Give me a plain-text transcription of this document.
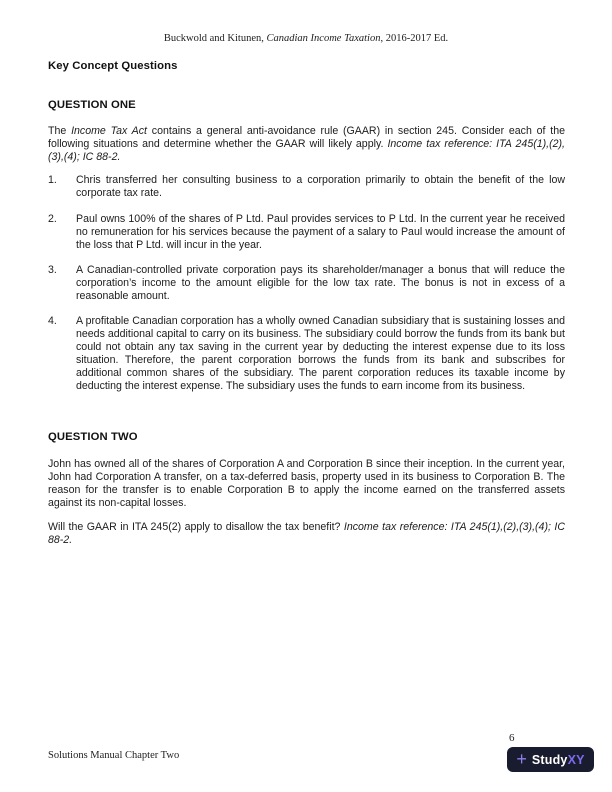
Buckwold and Kitunen, Canadian Income Taxation, 2016-2017 Ed.
Key Concept Questions
QUESTION ONE
The Income Tax Act contains a general anti-avoidance rule (GAAR) in section 245. Consider each of the following situations and determine whether the GAAR will likely apply. Income tax reference: ITA 245(1),(2),(3),(4); IC 88-2.
1.	Chris transferred her consulting business to a corporation primarily to obtain the benefit of the low corporate tax rate.
2.	Paul owns 100% of the shares of P Ltd. Paul provides services to P Ltd. In the current year he received no remuneration for his services because the payment of a salary to Paul would increase the amount of the loss that P Ltd. will incur in the year.
3.	A Canadian-controlled private corporation pays its shareholder/manager a bonus that will reduce the corporation’s income to the amount eligible for the low tax rate. The bonus is not in excess of a reasonable amount.
4.	A profitable Canadian corporation has a wholly owned Canadian subsidiary that is sustaining losses and needs additional capital to carry on its business. The subsidiary could borrow the funds from its bank but could not obtain any tax saving in the current year by deducting the interest expense due to its loss situation. Therefore, the parent corporation borrows the funds from its bank and subscribes for additional common shares of the subsidiary. The parent corporation reduces its taxable income by deducting the interest expense. The subsidiary uses the funds to earn income from its business.
QUESTION TWO
John has owned all of the shares of Corporation A and Corporation B since their inception. In the current year, John had Corporation A transfer, on a tax-deferred basis, property used in its business to Corporation B. The reason for the transfer is to enable Corporation B to apply the income earned on the transferred assets against its non-capital losses.
Will the GAAR in ITA 245(2) apply to disallow the tax benefit? Income tax reference: ITA 245(1),(2),(3),(4); IC 88-2.
Solutions Manual Chapter Two
6
+ StudyXY
